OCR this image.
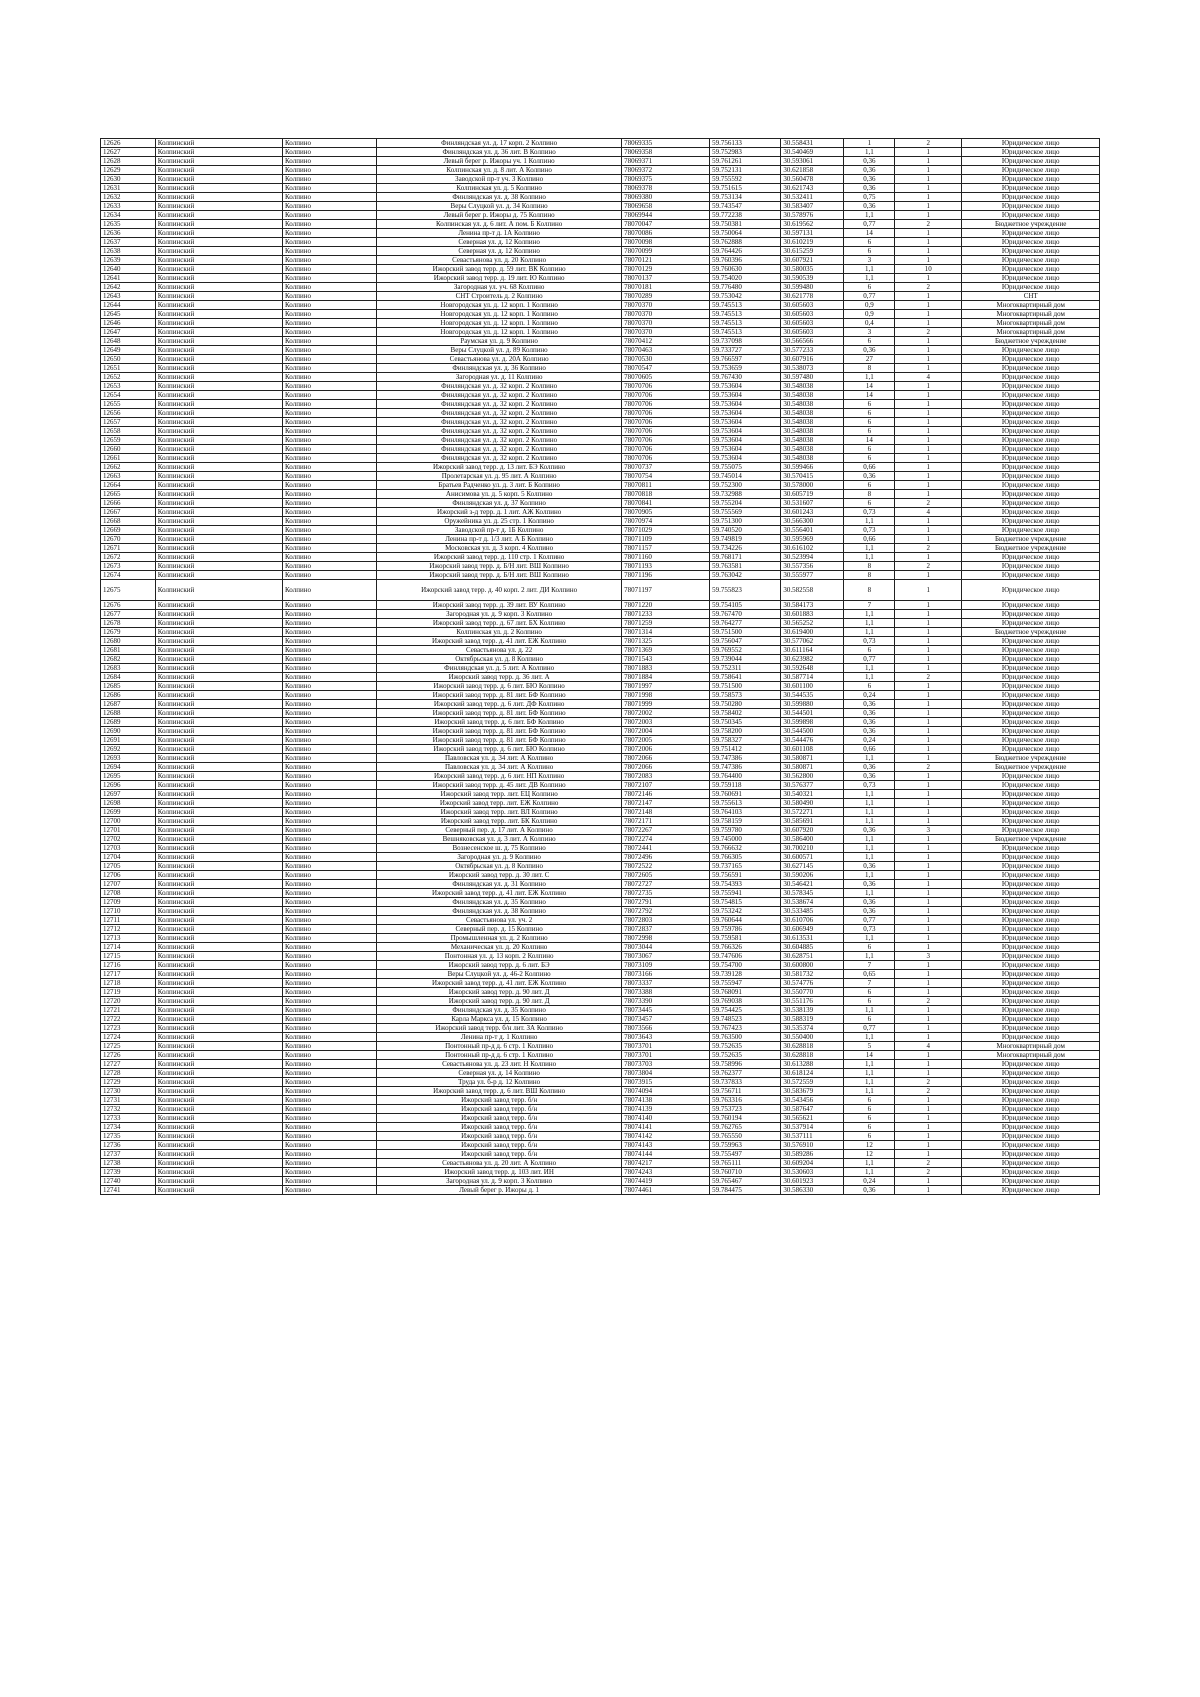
12626	Колпинский	Колпино	Финляндская ул. д. 17 корп. 2 Колпино	78069335	59.756133	30.558431	1	2	Юридическое лицо
12627	Колпинский	Колпино	Финляндская ул. д. 36 лит. В Колпино	78069358	59.752983	30.540469	1,1	1	Юридическое лицо
12628	Колпинский	Колпино	Левый берег р. Ижоры уч. 1 Колпино	78069371	59.761261	30.593061	0,36	1	Юридическое лицо
12629	Колпинский	Колпино	Колпинская ул. д. 8 лит. А Колпино	78069372	59.752131	30.621858	0,36	1	Юридическое лицо
12630	Колпинский	Колпино	Заводской пр-т уч. 3 Колпино	78069375	59.755592	30.560478	0,36	1	Юридическое лицо
12631	Колпинский	Колпино	Колпинская ул. д. 5 Колпино	78069378	59.751615	30.621743	0,36	1	Юридическое лицо
12632	Колпинский	Колпино	Финляндская ул. д. 38 Колпино	78069380	59.753134	30.532411	0,75	1	Юридическое лицо
12633	Колпинский	Колпино	Веры Слуцкой ул. д. 34 Колпино	78069658	59.743547	30.583407	0,36	1	Юридическое лицо
12634	Колпинский	Колпино	Левый берег р. Ижоры д. 75 Колпино	78069944	59.772238	30.578976	1,1	1	Юридическое лицо
12635	Колпинский	Колпино	Колпинская ул. д. 6 лит. А пом. Б Колпино	78070047	59.750381	30.619562	0,77	2	Бюджетное учреждение
12636	Колпинский	Колпино	Ленина пр-т д. 1А Колпино	78070086	59.750064	30.597131	14	1	Юридическое лицо
12637	Колпинский	Колпино	Северная ул. д. 12 Колпино	78070098	59.762888	30.610219	6	1	Юридическое лицо
12638	Колпинский	Колпино	Северная ул. д. 12 Колпино	78070099	59.764426	30.615259	6	1	Юридическое лицо
12639	Колпинский	Колпино	Севастьянова ул. д. 20 Колпино	78070121	59.760396	30.607921	3	1	Юридическое лицо
12640	Колпинский	Колпино	Ижорский завод терр. д. 59 лит. ВК Колпино	78070129	59.760630	30.580035	1,1	10	Юридическое лицо
12641	Колпинский	Колпино	Ижорский завод терр. д. 19 лит. Ю Колпино	78070137	59.754020	30.590539	1,1	1	Юридическое лицо
12642	Колпинский	Колпино	Загородная ул. уч. 68 Колпино	78070181	59.776480	30.599480	6	2	Юридическое лицо
12643	Колпинский	Колпино	СНТ Строитель д. 2 Колпино	78070289	59.753042	30.621778	0,77	1	СНТ
12644	Колпинский	Колпино	Новгородская ул. д. 12 корп. 1 Колпино	78070370	59.745513	30.605603	0,9	1	Многоквартирный дом
12645	Колпинский	Колпино	Новгородская ул. д. 12 корп. 1 Колпино	78070370	59.745513	30.605603	0,9	1	Многоквартирный дом
12646	Колпинский	Колпино	Новгородская ул. д. 12 корп. 1 Колпино	78070370	59.745513	30.605603	0,4	1	Многоквартирный дом
12647	Колпинский	Колпино	Новгородская ул. д. 12 корп. 1 Колпино	78070370	59.745513	30.605603	3	2	Многоквартирный дом
12648	Колпинский	Колпино	Раумская ул. д. 9 Колпино	78070412	59.737098	30.566566	6	1	Бюджетное учреждение
12649	Колпинский	Колпино	Веры Слуцкой ул. д. 89 Колпино	78070463	59.733727	30.577233	0,36	1	Юридическое лицо
12650	Колпинский	Колпино	Севастьянова ул. д. 20А Колпино	78070530	59.766597	30.607916	27	1	Юридическое лицо
12651	Колпинский	Колпино	Финляндская ул. д. 36 Колпино	78070547	59.753659	30.538073	8	1	Юридическое лицо
12652	Колпинский	Колпино	Загородная ул. д. 11 Колпино	78070605	59.767430	30.597480	1,1	4	Юридическое лицо
12653	Колпинский	Колпино	Финляндская ул. д. 32 корп. 2 Колпино	78070706	59.753604	30.548038	14	1	Юридическое лицо
12654	Колпинский	Колпино	Финляндская ул. д. 32 корп. 2 Колпино	78070706	59.753604	30.548038	14	1	Юридическое лицо
12655	Колпинский	Колпино	Финляндская ул. д. 32 корп. 2 Колпино	78070706	59.753604	30.548038	6	1	Юридическое лицо
12656	Колпинский	Колпино	Финляндская ул. д. 32 корп. 2 Колпино	78070706	59.753604	30.548038	6	1	Юридическое лицо
12657	Колпинский	Колпино	Финляндская ул. д. 32 корп. 2 Колпино	78070706	59.753604	30.548038	6	1	Юридическое лицо
12658	Колпинский	Колпино	Финляндская ул. д. 32 корп. 2 Колпино	78070706	59.753604	30.548038	6	1	Юридическое лицо
12659	Колпинский	Колпино	Финляндская ул. д. 32 корп. 2 Колпино	78070706	59.753604	30.548038	14	1	Юридическое лицо
12660	Колпинский	Колпино	Финляндская ул. д. 32 корп. 2 Колпино	78070706	59.753604	30.548038	6	1	Юридическое лицо
12661	Колпинский	Колпино	Финляндская ул. д. 32 корп. 2 Колпино	78070706	59.753604	30.548038	6	1	Юридическое лицо
12662	Колпинский	Колпино	Ижорский завод терр. д. 13 лит. БЭ Колпино	78070737	59.755075	30.599466	0,66	1	Юридическое лицо
12663	Колпинский	Колпино	Пролетарская ул. д. 95 лит. А Колпино	78070754	59.745014	30.570415	0,36	1	Юридическое лицо
12664	Колпинский	Колпино	Братьев Радченко ул. д. 3 лит. Б Колпино	78070811	59.752300	30.578000	6	1	Юридическое лицо
12665	Колпинский	Колпино	Анисимова ул. д. 5 корп. 5 Колпино	78070818	59.732988	30.605719	8	1	Юридическое лицо
12666	Колпинский	Колпино	Финляндская ул. д. 37 Колпино	78070841	59.755204	30.531607	6	2	Юридическое лицо
12667	Колпинский	Колпино	Ижорский з-д терр. д. 1 лит. АЖ Колпино	78070905	59.755569	30.601243	0,73	4	Юридическое лицо
12668	Колпинский	Колпино	Оружейника ул. д. 25 стр. 1 Колпино	78070974	59.751300	30.566300	1,1	1	Юридическое лицо
12669	Колпинский	Колпино	Заводской пр-т д. 1Б Колпино	78071029	59.740520	30.556401	0,73	1	Юридическое лицо
12670	Колпинский	Колпино	Ленина пр-т д. 1/3 лит. А Б Колпино	78071109	59.749819	30.595969	0,66	1	Бюджетное учреждение
12671	Колпинский	Колпино	Московская ул. д. 3 корп. 4 Колпино	78071157	59.734226	30.616102	1,1	2	Бюджетное учреждение
12672	Колпинский	Колпино	Ижорский завод терр. д. 110 стр. 1 Колпино	78071160	59.768171	30.523994	1,1	1	Юридическое лицо
12673	Колпинский	Колпино	Ижорский завод терр. д. Б/Н лит. ВШ Колпино	78071193	59.763581	30.557356	8	2	Юридическое лицо
12674	Колпинский	Колпино	Ижорский завод терр. д. Б/Н лит. ВШ Колпино	78071196	59.763042	30.555977	8	1	Юридическое лицо
12675	Колпинский	Колпино	Ижорский завод терр. д. 40 корп. 2 лит. ДИ Колпино	78071197	59.755823	30.582558	8	1	Юридическое лицо
12676	Колпинский	Колпино	Ижорский завод терр. д. 39 лит. ВУ Колпино	78071220	59.754105	30.584173	7	1	Юридическое лицо
12677	Колпинский	Колпино	Загородная ул. д. 9 корп. 3 Колпино	78071233	59.767470	30.601883	1,1	1	Юридическое лицо
12678	Колпинский	Колпино	Ижорский завод терр. д. 67 лит. БХ Колпино	78071259	59.764277	30.565252	1,1	1	Юридическое лицо
12679	Колпинский	Колпино	Колпинская ул. д. 2 Колпино	78071314	59.751500	30.619400	1,1	1	Бюджетное учреждение
12680	Колпинский	Колпино	Ижорский завод терр. д. 41 лит. ЕЖ Колпино	78071325	59.756047	30.577062	0,73	1	Юридическое лицо
12681	Колпинский	Колпино	Севастьянова ул. д. 22	78071369	59.769552	30.611164	6	1	Юридическое лицо
12682	Колпинский	Колпино	Октябрьская ул. д. 8 Колпино	78071543	59.739044	30.623982	0,77	1	Юридическое лицо
12683	Колпинский	Колпино	Финляндская ул. д. 5 лит. А Колпино	78071883	59.752311	30.592648	1,1	1	Юридическое лицо
12684	Колпинский	Колпино	Ижорский завод терр. д. 36 лит. А	78071884	59.758641	30.587714	1,1	2	Юридическое лицо
12685	Колпинский	Колпино	Ижорский завод терр. д. 6 лит. БЮ Колпино	78071997	59.751500	30.601100	6	1	Юридическое лицо
12686	Колпинский	Колпино	Ижорский завод терр. д. 81 лит. БФ Колпино	78071998	59.758573	30.544535	0,24	1	Юридическое лицо
12687	Колпинский	Колпино	Ижорский завод терр. д. 6 лит. ДФ Колпино	78071999	59.750280	30.599880	0,36	1	Юридическое лицо
12688	Колпинский	Колпино	Ижорский завод терр. д. 81 лит. БФ Колпино	78072002	59.758402	30.544501	0,36	1	Юридическое лицо
12689	Колпинский	Колпино	Ижорский завод терр. д. 6 лит. БФ Колпино	78072003	59.750345	30.599898	0,36	1	Юридическое лицо
12690	Колпинский	Колпино	Ижорский завод терр. д. 81 лит. БФ Колпино	78072004	59.758200	30.544500	0,36	1	Юридическое лицо
12691	Колпинский	Колпино	Ижорский завод терр. д. 81 лит. БФ Колпино	78072005	59.758327	30.544476	0,24	1	Юридическое лицо
12692	Колпинский	Колпино	Ижорский завод терр. д. 6 лит. БЮ Колпино	78072006	59.751412	30.601108	0,66	1	Юридическое лицо
12693	Колпинский	Колпино	Павловская ул. д. 34 лит. А Колпино	78072066	59.747386	30.580871	1,1	1	Бюджетное учреждение
12694	Колпинский	Колпино	Павловская ул. д. 34 лит. А Колпино	78072066	59.747386	30.580871	0,36	2	Бюджетное учреждение
12695	Колпинский	Колпино	Ижорский завод терр. д. 6 лит. НП Колпино	78072083	59.764400	30.562800	0,36	1	Юридическое лицо
12696	Колпинский	Колпино	Ижорский завод терр. д. 45 лит. ДВ Колпино	78072107	59.759118	30.576377	0,73	1	Юридическое лицо
12697	Колпинский	Колпино	Ижорский завод терр. лит. ЕЦ Колпино	78072146	59.760691	30.540321	1,1	1	Юридическое лицо
12698	Колпинский	Колпино	Ижорский завод терр. лит. ЕЖ Колпино	78072147	59.755613	30.580490	1,1	1	Юридическое лицо
12699	Колпинский	Колпино	Ижорский завод терр. лит. ВЛ Колпино	78072148	59.764103	30.572271	1,1	1	Юридическое лицо
12700	Колпинский	Колпино	Ижорский завод терр. лит. БК Колпино	78072171	59.758159	30.585691	1,1	1	Юридическое лицо
12701	Колпинский	Колпино	Северный пер. д. 17 лит. А Колпино	78072267	59.759780	30.607920	0,36	3	Юридическое лицо
12702	Колпинский	Колпино	Вешняковская ул. д. 3 лит. А Колпино	78072274	59.745000	30.586400	1,1	1	Бюджетное учреждение
12703	Колпинский	Колпино	Вознесенское ш. д. 75 Колпино	78072441	59.766632	30.700210	1,1	1	Юридическое лицо
12704	Колпинский	Колпино	Загородная ул. д. 9 Колпино	78072496	59.766305	30.600571	1,1	1	Юридическое лицо
12705	Колпинский	Колпино	Октябрьская ул. д. 8 Колпино	78072522	59.737165	30.627145	0,36	1	Юридическое лицо
12706	Колпинский	Колпино	Ижорский завод терр. д. 30 лит. С	78072605	59.756591	30.590206	1,1	1	Юридическое лицо
12707	Колпинский	Колпино	Финляндская ул. д. 31 Колпино	78072727	59.754393	30.546421	0,36	1	Юридическое лицо
12708	Колпинский	Колпино	Ижорский завод терр. д. 41 лит. ЕЖ Колпино	78072735	59.755941	30.578345	1,1	1	Юридическое лицо
12709	Колпинский	Колпино	Финляндская ул. д. 35 Колпино	78072791	59.754815	30.538674	0,36	1	Юридическое лицо
12710	Колпинский	Колпино	Финляндская ул. д. 38 Колпино	78072792	59.753242	30.533485	0,36	1	Юридическое лицо
12711	Колпинский	Колпино	Севастьянова ул. уч. 2	78072803	59.760644	30.610706	0,77	1	Юридическое лицо
12712	Колпинский	Колпино	Северный пер. д. 15 Колпино	78072837	59.759786	30.606949	0,73	1	Юридическое лицо
12713	Колпинский	Колпино	Промышленная ул. д. 2 Колпино	78072998	59.759581	30.613531	1,1	1	Юридическое лицо
12714	Колпинский	Колпино	Механическая ул. д. 20 Колпино	78073044	59.766326	30.604885	6	1	Юридическое лицо
12715	Колпинский	Колпино	Понтонная ул. д. 13 корп. 2 Колпино	78073067	59.747606	30.628751	1,1	3	Юридическое лицо
12716	Колпинский	Колпино	Ижорский завод терр. д. 6 лит. БЭ	78073109	59.754700	30.600800	7	1	Юридическое лицо
12717	Колпинский	Колпино	Веры Слуцкой ул. д. 46-2 Колпино	78073166	59.739128	30.581732	0,65	1	Юридическое лицо
12718	Колпинский	Колпино	Ижорский завод терр. д. 41 лит. ЕЖ Колпино	78073337	59.755947	30.574776	7	1	Юридическое лицо
12719	Колпинский	Колпино	Ижорский завод терр. д. 90 лит. Д	78073388	59.768091	30.550770	6	1	Юридическое лицо
12720	Колпинский	Колпино	Ижорский завод терр. д. 90 лит. Д	78073390	59.769038	30.551176	6	2	Юридическое лицо
12721	Колпинский	Колпино	Финляндская ул. д. 35 Колпино	78073445	59.754425	30.538139	1,1	1	Юридическое лицо
12722	Колпинский	Колпино	Карла Маркса ул. д. 15 Колпино	78073457	59.748523	30.588319	6	1	Юридическое лицо
12723	Колпинский	Колпино	Ижорский завод терр. б/н лит. ЗА Колпино	78073566	59.767423	30.535374	0,77	1	Юридическое лицо
12724	Колпинский	Колпино	Ленина пр-т д. 1 Колпино	78073643	59.763500	30.550400	1,1	1	Юридическое лицо
12725	Колпинский	Колпино	Понтонный пр-д д. 6 стр. 1 Колпино	78073701	59.752635	30.628818	5	4	Многоквартирный дом
12726	Колпинский	Колпино	Понтонный пр-д д. 6 стр. 1 Колпино	78073701	59.752635	30.628818	14	1	Многоквартирный дом
12727	Колпинский	Колпино	Севастьянова ул. д. 23 лит. Н Колпино	78073703	59.758996	30.613288	1,1	1	Юридическое лицо
12728	Колпинский	Колпино	Северная ул. д. 14 Колпино	78073804	59.762377	30.618124	1,1	1	Юридическое лицо
12729	Колпинский	Колпино	Труда ул. б-р д. 12 Колпино	78073915	59.737833	30.572559	1,1	2	Юридическое лицо
12730	Колпинский	Колпино	Ижорский завод терр. д. 6 лит. ВШ Колпино	78074094	59.756711	30.583679	1,1	2	Юридическое лицо
12731	Колпинский	Колпино	Ижорский завод терр. б/н	78074138	59.763316	30.543456	6	1	Юридическое лицо
12732	Колпинский	Колпино	Ижорский завод терр. б/н	78074139	59.753723	30.587647	6	1	Юридическое лицо
12733	Колпинский	Колпино	Ижорский завод терр. б/н	78074140	59.760194	30.565621	6	1	Юридическое лицо
12734	Колпинский	Колпино	Ижорский завод терр. б/н	78074141	59.762765	30.537914	6	1	Юридическое лицо
12735	Колпинский	Колпино	Ижорский завод терр. б/н	78074142	59.765550	30.537111	6	1	Юридическое лицо
12736	Колпинский	Колпино	Ижорский завод терр. б/н	78074143	59.759963	30.576910	12	1	Юридическое лицо
12737	Колпинский	Колпино	Ижорский завод терр. б/н	78074144	59.755497	30.589286	12	1	Юридическое лицо
12738	Колпинский	Колпино	Севастьянова ул. д. 20 лит. А Колпино	78074217	59.765111	30.609204	1,1	2	Юридическое лицо
12739	Колпинский	Колпино	Ижорский завод терр. д. 103 лит. ИН	78074243	59.760710	30.530603	1,1	2	Юридическое лицо
12740	Колпинский	Колпино	Загородная ул. д. 9 корп. 3 Колпино	78074419	59.765467	30.601923	0,24	1	Юридическое лицо
12741	Колпинский	Колпино	Левый берег р. Ижоры д. 1	78074461	59.784475	30.586330	0,36	1	Юридическое лицо
